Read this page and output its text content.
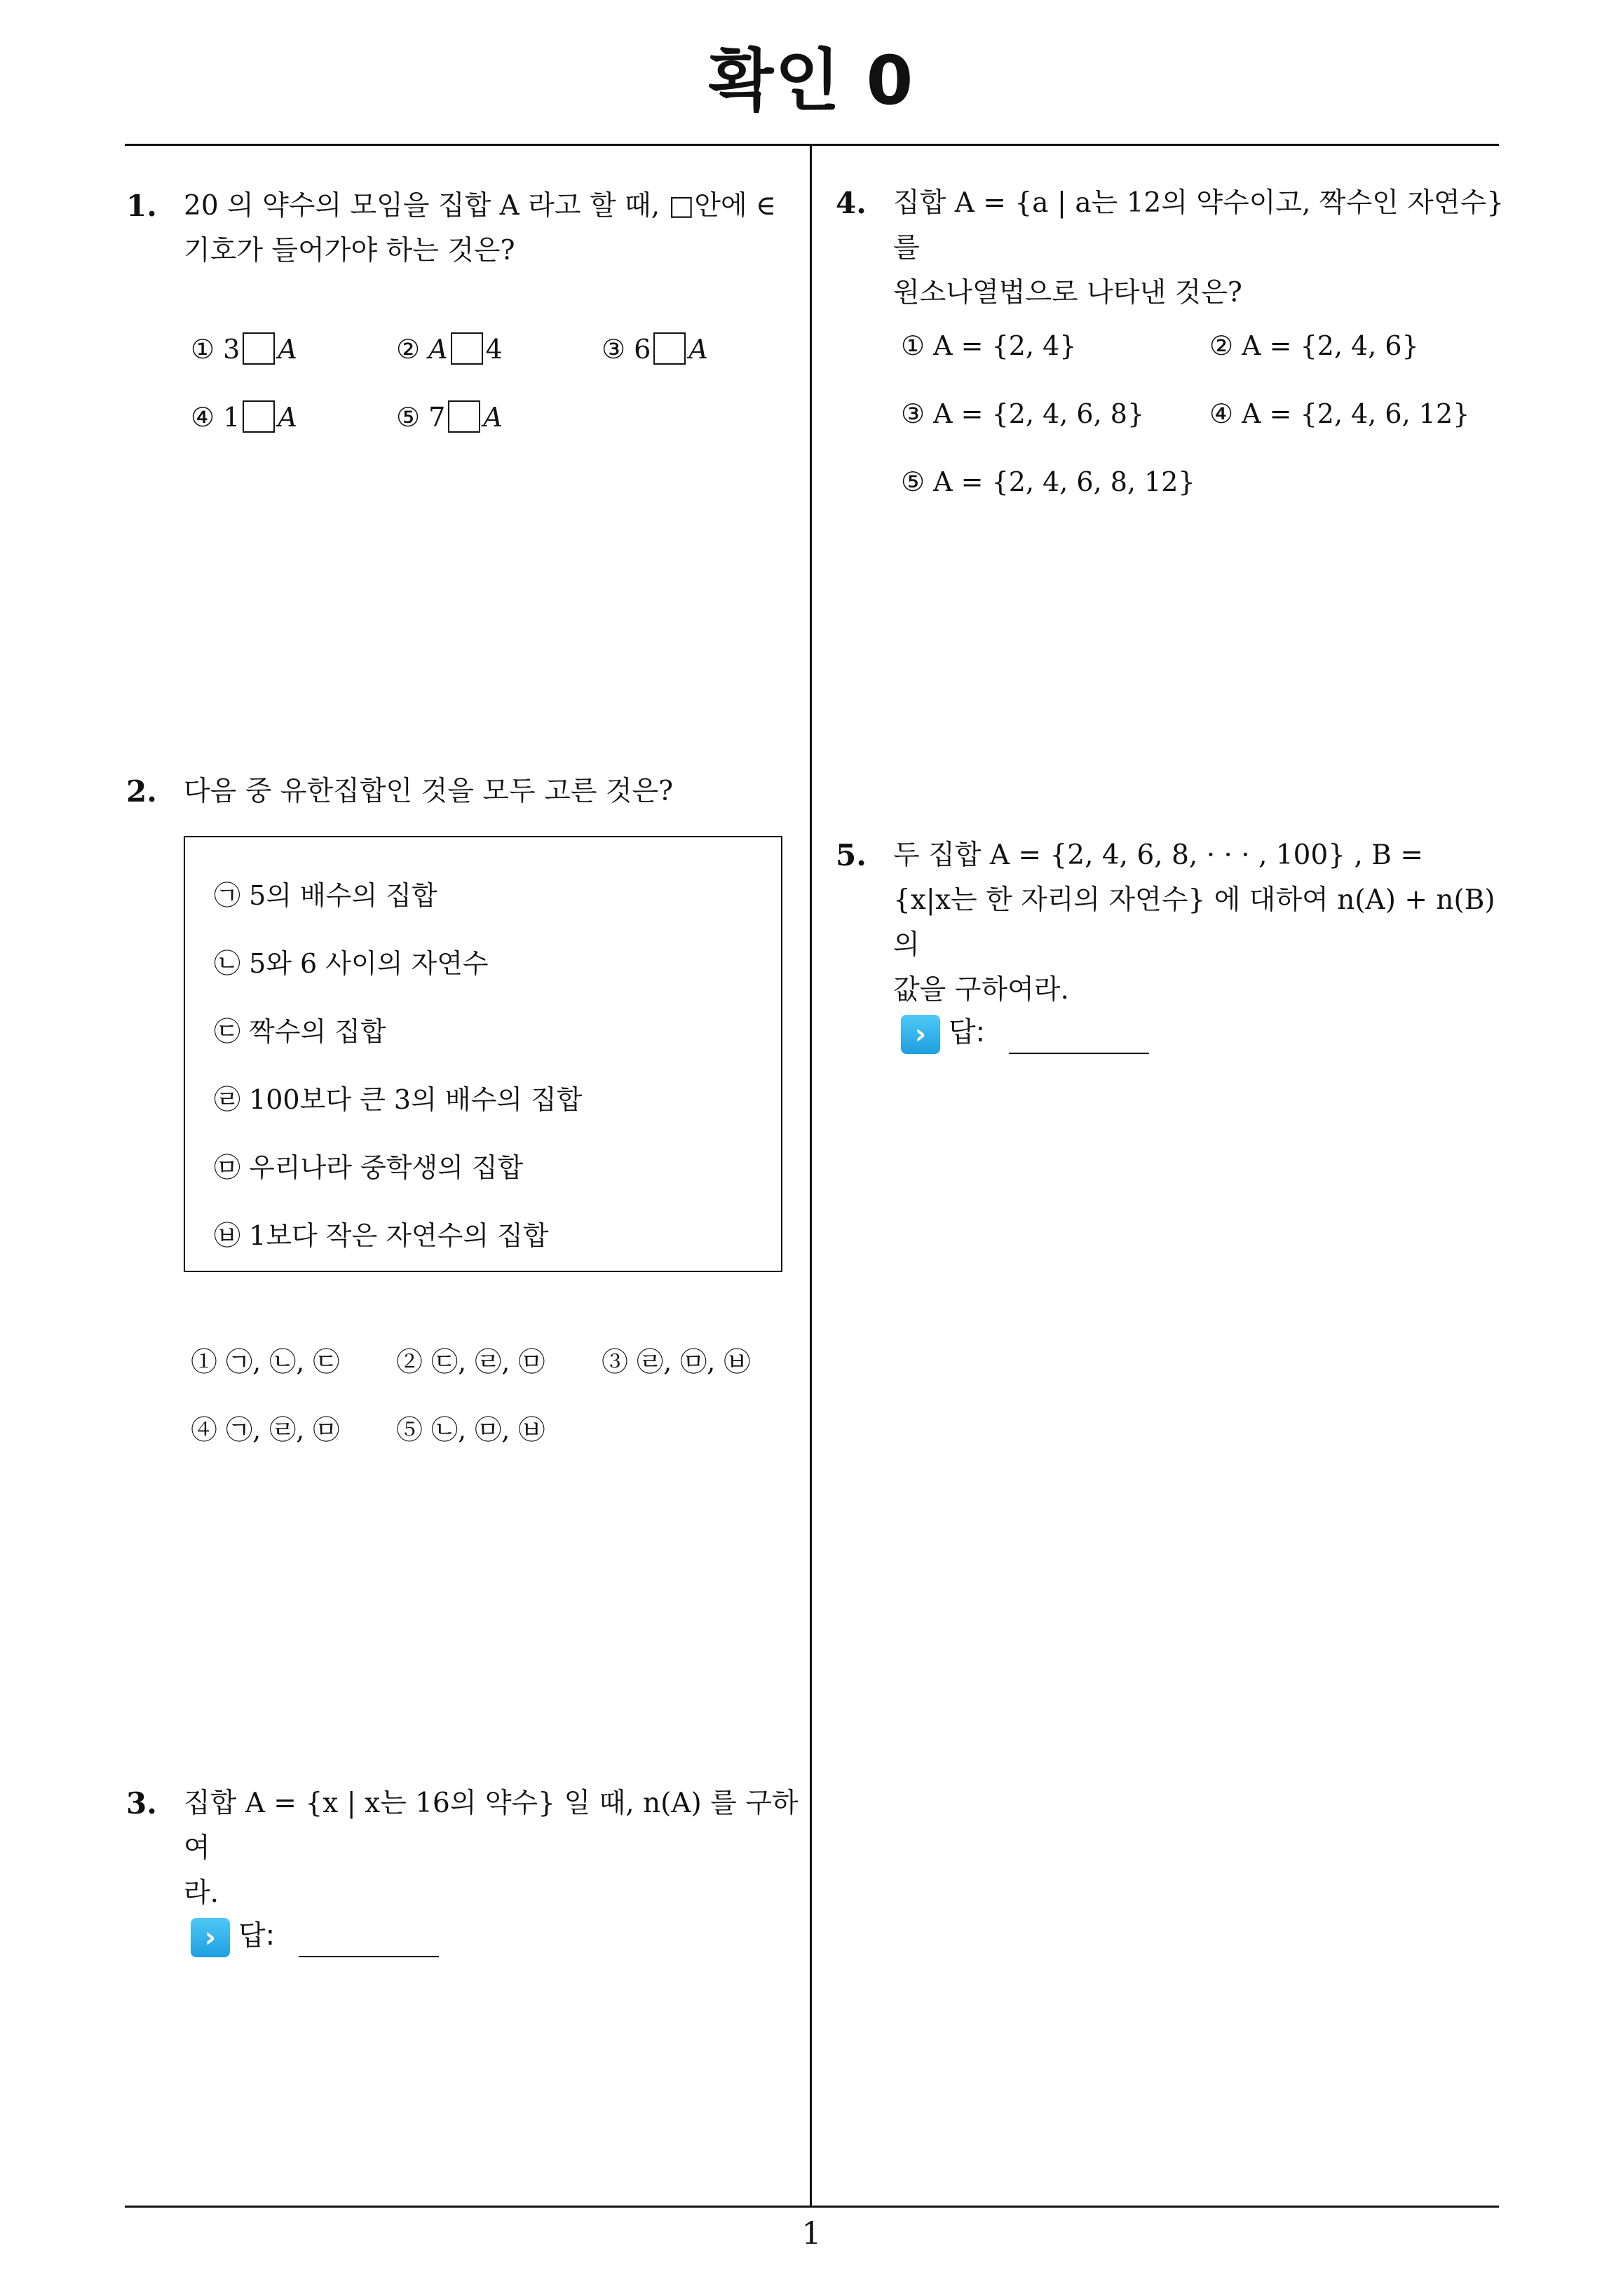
확인 0
1. 20 의 약수의 모임을 집합 A 라고 할 때, □안에 ∈
기호가 들어가야 하는 것은?
① 3 A	② A 4	③ 6 A
④ 1 A	⑤ 7 A
2. 다음 중 유한집합인 것을 모두 고른 것은?
㉠ 5의 배수의 집합
㉡ 5와 6 사이의 자연수
㉢ 짝수의 집합
㉣ 100보다 큰 3의 배수의 집합
㉤ 우리나라 중학생의 집합
㉥ 1보다 작은 자연수의 집합
① ㉠, ㉡, ㉢ ② ㉢, ㉣, ㉤ ③ ㉣, ㉤, ㉥
④ ㉠, ㉣, ㉤ ⑤ ㉡, ㉤, ㉥
3. 집합 A = {x | x는 16의 약수} 일 때, n(A) 를 구하여
라.
› 답:
4. 집합 A = {a | a는 12의 약수이고, 짝수인 자연수}를
원소나열법으로 나타낸 것은?
① A = {2, 4}	② A = {2, 4, 6}
③ A = {2, 4, 6, 8} ④ A = {2, 4, 6, 12}
⑤ A = {2, 4, 6, 8, 12}
5. 두 집합 A = {2, 4, 6, 8, · · · , 100} , B =
{x|x는 한 자리의 자연수} 에 대하여 n(A) + n(B) 의
값을 구하여라.
› 답:
1
